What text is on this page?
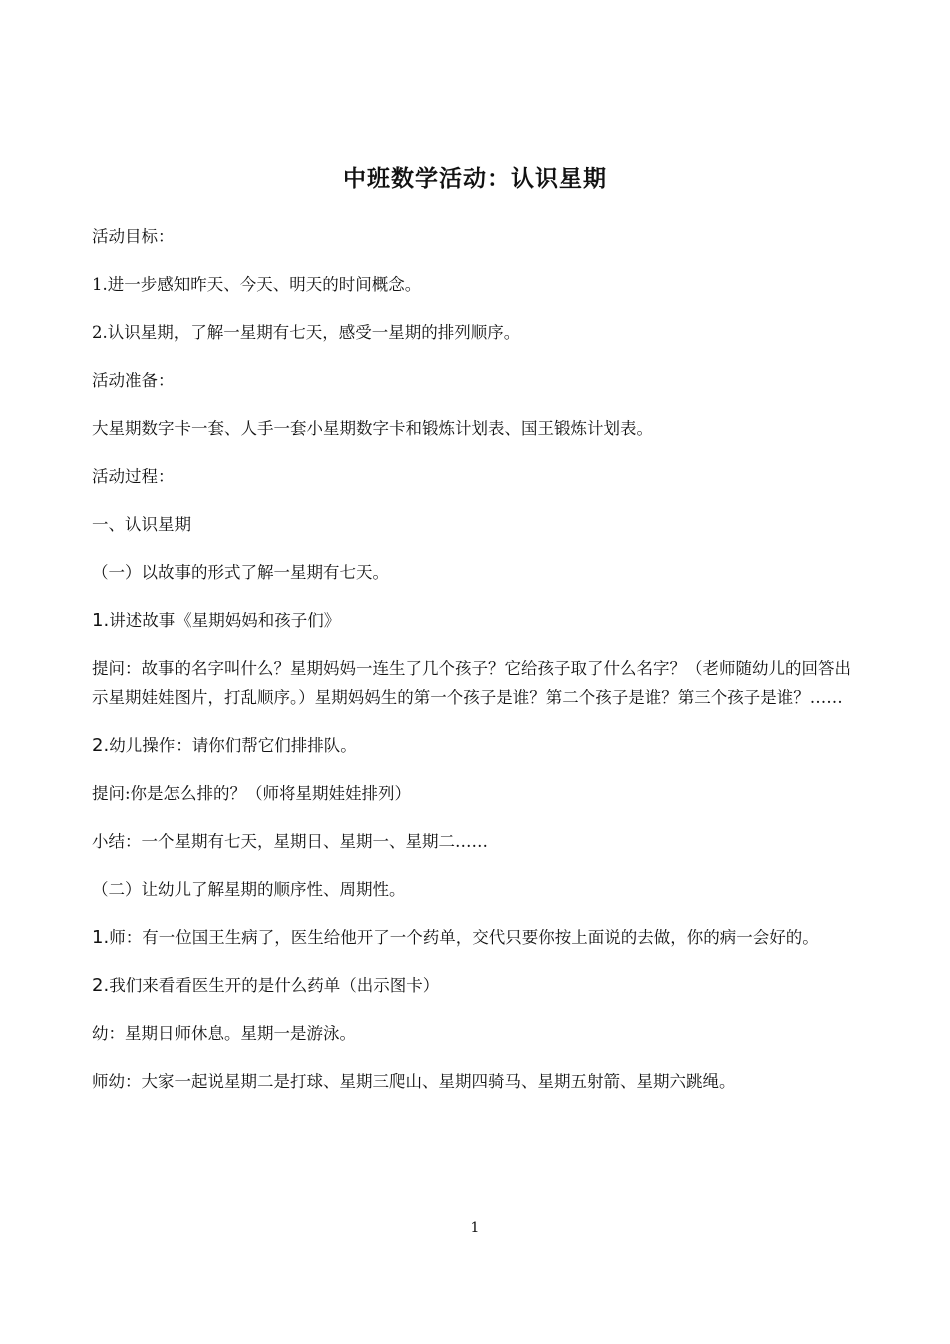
中班数学活动：认识星期

活动目标：

1.进一步感知昨天、今天、明天的时间概念。

2.认识星期，了解一星期有七天，感受一星期的排列顺序。

活动准备：

大星期数字卡一套、人手一套小星期数字卡和锻炼计划表、国王锻炼计划表。

活动过程：

一、认识星期

（一）以故事的形式了解一星期有七天。

1.讲述故事《星期妈妈和孩子们》

提问：故事的名字叫什么？星期妈妈一连生了几个孩子？它给孩子取了什么名字？（老师随幼儿的回答出示星期娃娃图片，打乱顺序。）星期妈妈生的第一个孩子是谁？第二个孩子是谁？第三个孩子是谁？……

2.幼儿操作：请你们帮它们排排队。

提问:你是怎么排的？（师将星期娃娃排列）

小结：一个星期有七天，星期日、星期一、星期二……

（二）让幼儿了解星期的顺序性、周期性。

1.师：有一位国王生病了，医生给他开了一个药单，交代只要你按上面说的去做，你的病一会好的。

2.我们来看看医生开的是什么药单（出示图卡）

幼：星期日师休息。星期一是游泳。

师幼：大家一起说星期二是打球、星期三爬山、星期四骑马、星期五射箭、星期六跳绳。

1
